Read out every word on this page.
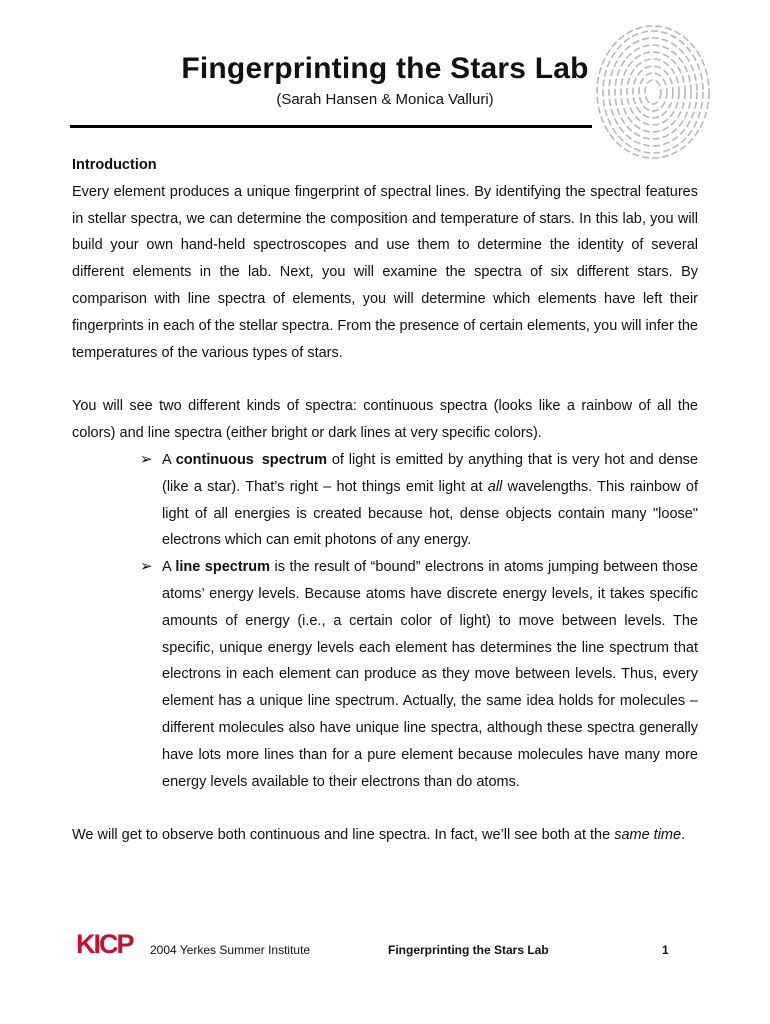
Fingerprinting the Stars Lab
(Sarah Hansen & Monica Valluri)

Introduction

Every element produces a unique fingerprint of spectral lines. By identifying the spectral features in stellar spectra, we can determine the composition and temperature of stars. In this lab, you will build your own hand-held spectroscopes and use them to determine the identity of several different elements in the lab. Next, you will examine the spectra of six different stars. By comparison with line spectra of elements, you will determine which elements have left their fingerprints in each of the stellar spectra. From the presence of certain elements, you will infer the temperatures of the various types of stars.

You will see two different kinds of spectra: continuous spectra (looks like a rainbow of all the colors) and line spectra (either bright or dark lines at very specific colors).

➢ A continuous spectrum of light is emitted by anything that is very hot and dense (like a star). That’s right – hot things emit light at all wavelengths. This rainbow of light of all energies is created because hot, dense objects contain many "loose" electrons which can emit photons of any energy.
➢ A line spectrum is the result of “bound” electrons in atoms jumping between those atoms’ energy levels. Because atoms have discrete energy levels, it takes specific amounts of energy (i.e., a certain color of light) to move between levels. The specific, unique energy levels each element has determines the line spectrum that electrons in each element can produce as they move between levels. Thus, every element has a unique line spectrum. Actually, the same idea holds for molecules – different molecules also have unique line spectra, although these spectra generally have lots more lines than for a pure element because molecules have many more energy levels available to their electrons than do atoms.

We will get to observe both continuous and line spectra. In fact, we’ll see both at the same time.

KICP 2004 Yerkes Summer Institute	Fingerprinting the Stars Lab	1
